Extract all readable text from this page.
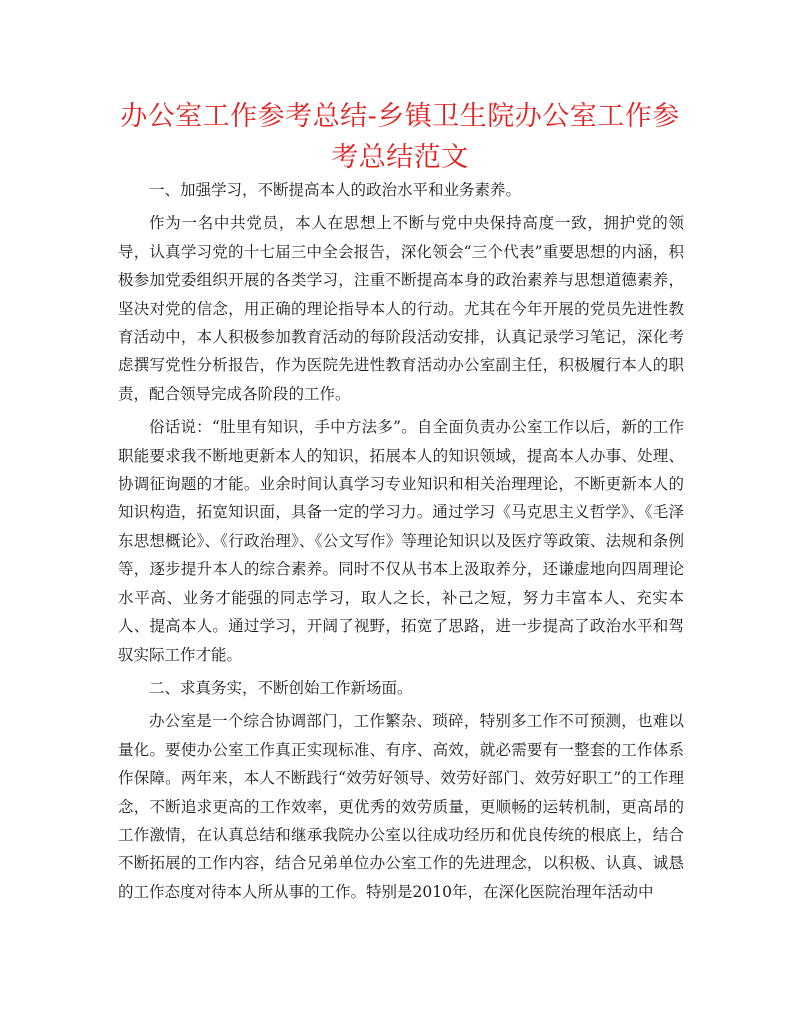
办公室工作参考总结-乡镇卫生院办公室工作参考总结范文

一、加强学习，不断提高本人的政治水平和业务素养。

作为一名中共党员，本人在思想上不断与党中央保持高度一致，拥护党的领导，认真学习党的十七届三中全会报告，深化领会“三个代表”重要思想的内涵，积极参加党委组织开展的各类学习，注重不断提高本身的政治素养与思想道德素养，坚决对党的信念，用正确的理论指导本人的行动。尤其在今年开展的党员先进性教育活动中，本人积极参加教育活动的每阶段活动安排，认真记录学习笔记，深化考虑撰写党性分析报告，作为医院先进性教育活动办公室副主任，积极履行本人的职责，配合领导完成各阶段的工作。

俗话说：“肚里有知识，手中方法多”。自全面负责办公室工作以后，新的工作职能要求我不断地更新本人的知识，拓展本人的知识领域，提高本人办事、处理、协调征询题的才能。业余时间认真学习专业知识和相关治理理论，不断更新本人的知识构造，拓宽知识面，具备一定的学习力。通过学习《马克思主义哲学》、《毛泽东思想概论》、《行政治理》、《公文写作》等理论知识以及医疗等政策、法规和条例等，逐步提升本人的综合素养。同时不仅从书本上汲取养分，还谦虚地向四周理论水平高、业务才能强的同志学习，取人之长，补己之短，努力丰富本人、充实本人、提高本人。通过学习，开阔了视野，拓宽了思路，进一步提高了政治水平和驾驭实际工作才能。

二、求真务实，不断创始工作新场面。

办公室是一个综合协调部门，工作繁杂、琐碎，特别多工作不可预测，也难以量化。要使办公室工作真正实现标准、有序、高效，就必需要有一整套的工作体系作保障。两年来，本人不断践行“效劳好领导、效劳好部门、效劳好职工”的工作理念，不断追求更高的工作效率，更优秀的效劳质量，更顺畅的运转机制，更高昂的工作激情，在认真总结和继承我院办公室以往成功经历和优良传统的根底上，结合不断拓展的工作内容，结合兄弟单位办公室工作的先进理念，以积极、认真、诚恳的工作态度对待本人所从事的工作。特别是2010年，在深化医院治理年活动中
